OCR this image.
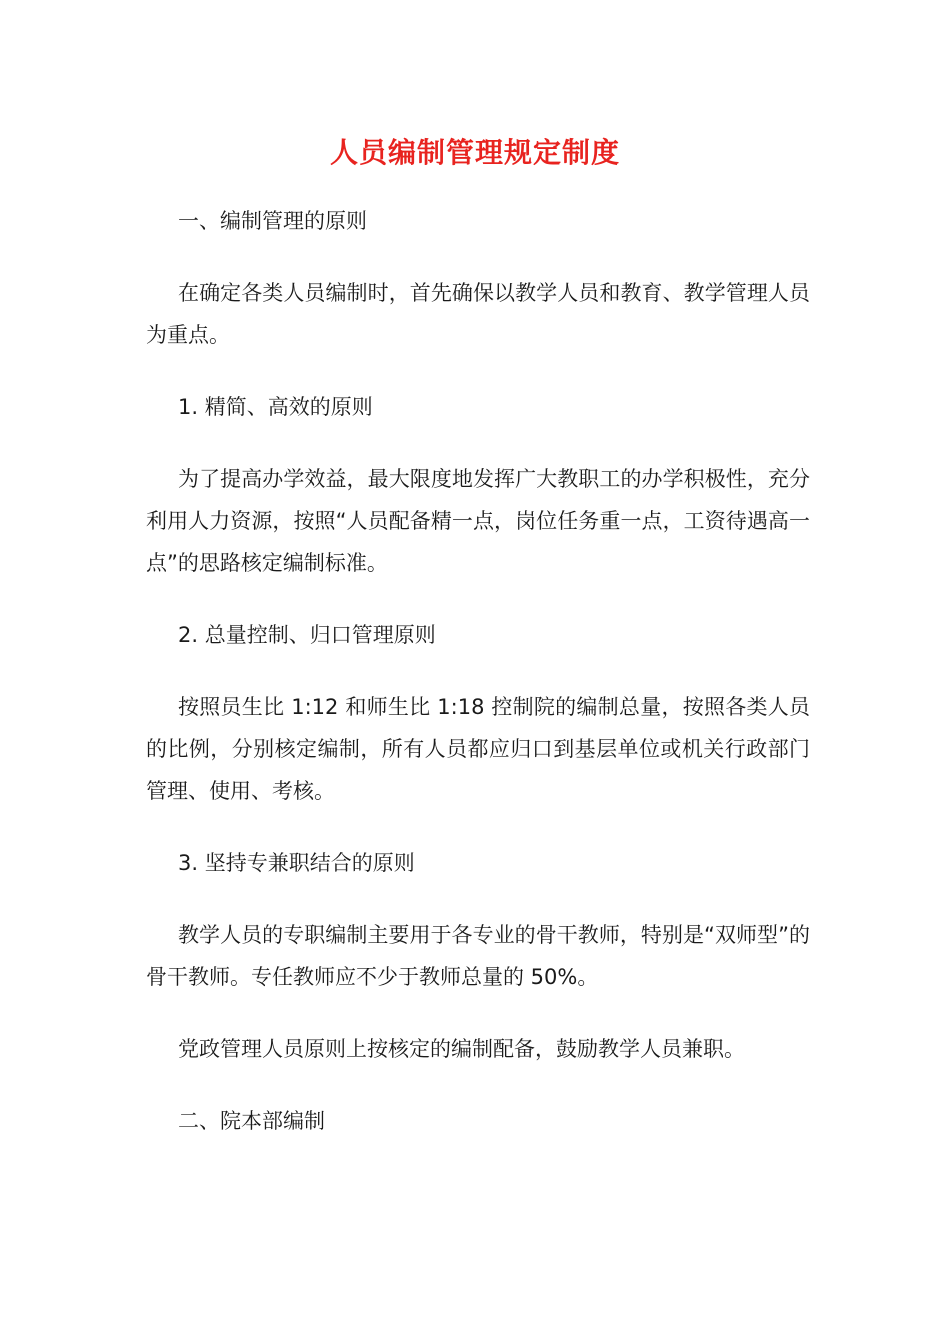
人员编制管理规定制度

一、编制管理的原则

在确定各类人员编制时，首先确保以教学人员和教育、教学管理人员为重点。

1. 精简、高效的原则

为了提高办学效益，最大限度地发挥广大教职工的办学积极性，充分利用人力资源，按照“人员配备精一点，岗位任务重一点，工资待遇高一点”的思路核定编制标准。

2. 总量控制、归口管理原则

按照员生比 1:12 和师生比 1:18 控制院的编制总量，按照各类人员的比例，分别核定编制，所有人员都应归口到基层单位或机关行政部门管理、使用、考核。

3. 坚持专兼职结合的原则

教学人员的专职编制主要用于各专业的骨干教师，特别是“双师型”的骨干教师。专任教师应不少于教师总量的 50%。

党政管理人员原则上按核定的编制配备，鼓励教学人员兼职。

二、院本部编制
